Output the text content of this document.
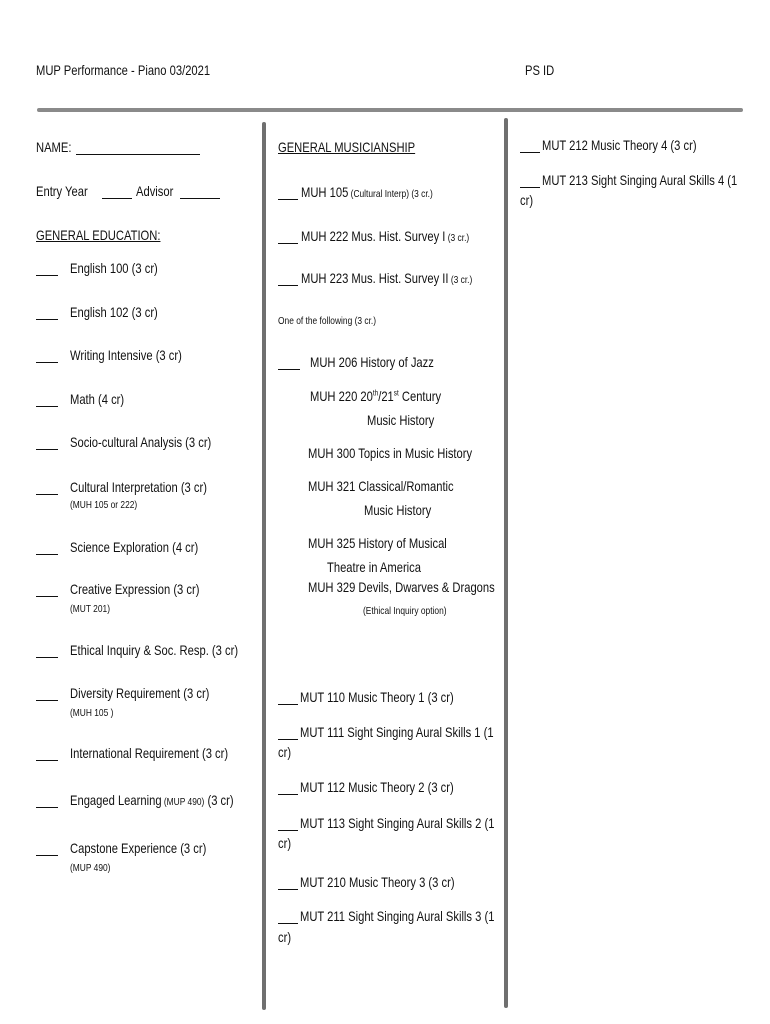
MUP Performance - Piano 03/2021	PS ID
NAME:
Entry Year	Advisor
GENERAL EDUCATION:
English 100 (3 cr)
English 102 (3 cr)
Writing Intensive (3 cr)
Math (4 cr)
Socio-cultural Analysis (3 cr)
Cultural Interpretation (3 cr)
(MUH 105 or 222)
Science Exploration (4 cr)
Creative Expression (3 cr)
(MUT 201)
Ethical Inquiry & Soc. Resp. (3 cr)
Diversity Requirement (3 cr)
(MUH 105 )
International Requirement (3 cr)
Engaged Learning (MUP 490) (3 cr)
Capstone Experience (3 cr)
(MUP 490)
GENERAL MUSICIANSHIP
MUH 105 (Cultural Interp) (3 cr.)
MUH 222 Mus. Hist. Survey I (3 cr.)
MUH 223 Mus. Hist. Survey II (3 cr.)
One of the following (3 cr.)
MUH 206 History of Jazz
MUH 220 20th/21st Century
Music History
MUH 300 Topics in Music History
MUH 321 Classical/Romantic
Music History
MUH 325 History of Musical
Theatre in America
MUH 329 Devils, Dwarves & Dragons
(Ethical Inquiry option)
MUT 110 Music Theory 1 (3 cr)
MUT 111 Sight Singing Aural Skills 1 (1
cr)
MUT 112 Music Theory 2 (3 cr)
MUT 113 Sight Singing Aural Skills 2 (1
cr)
MUT 210 Music Theory 3 (3 cr)
MUT 211 Sight Singing Aural Skills 3 (1
cr)
MUT 212 Music Theory 4 (3 cr)
MUT 213 Sight Singing Aural Skills 4 (1
cr)
